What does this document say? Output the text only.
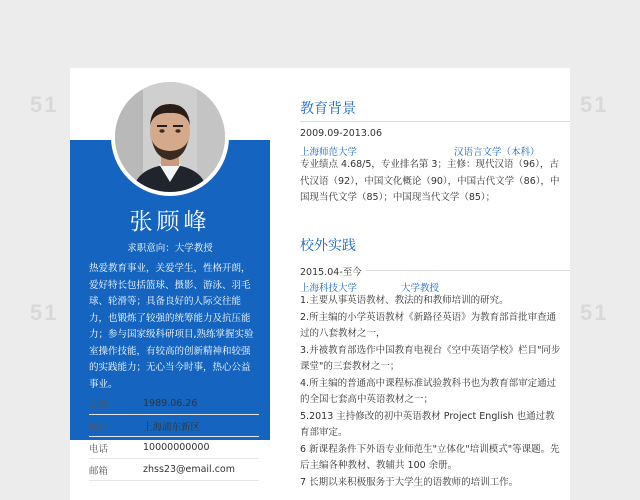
51	51
51	51
张顾峰
求职意向：大学教授
热爱教育事业，关爱学生，性格开朗，爱好特长包括篮球、摄影、游泳、羽毛球、轮滑等；具备良好的人际交往能力，也锻炼了较强的统筹能力及抗压能力；参与国家级科研项目,熟练掌握实验室操作技能，有较高的创新精神和较强的实践能力；无心当今时事，热心公益事业。
年龄	1989.06.26
城市	上海浦东新区
电话	10000000000
邮箱	zhss23@email.com
教育背景
2009.09-2013.06
上海师范大学	汉语言文学（本科）
专业绩点 4.68/5，专业排名第 3；主修：现代汉语（96），古代汉语（92），中国文化概论（90），中国古代文学（86），中国现当代文学（85）；中国现当代文学（85）；
校外实践
2015.04-至今
上海科技大学	大学教授
1.主要从事英语教材、教法的和教师培训的研究。
2.所主编的小学英语教材《新路径英语》为教育部首批审查通过的八套教材之一，
3.并被教育部选作中国教育电视台《空中英语学校》栏目"同步课堂"的三套教材之一；
4.所主编的普通高中课程标准试验教科书也为教育部审定通过的全国七套高中英语教材之一；
5.2013 主持修改的初中英语教材 Project English 也通过教育部审定。
6 新课程条件下外语专业师范生"立体化"培训模式"等课题。先后主编各种教材、教辅共 100 余册。
7 长期以来积极服务于大学生的语教师的培训工作。
